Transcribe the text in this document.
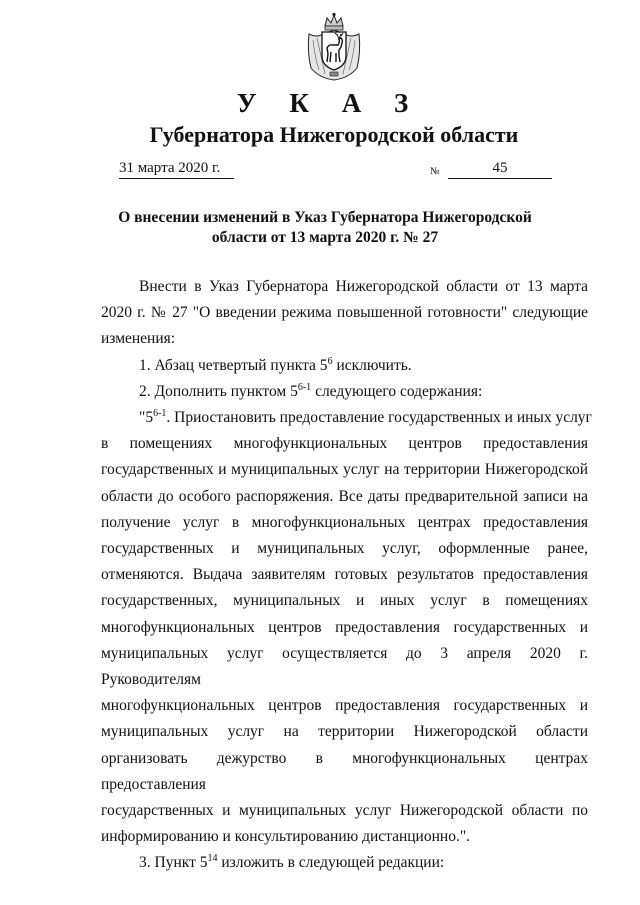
У К А З
Губернатора Нижегородской области
31 марта 2020 г.	№	45
О внесении изменений в Указ Губернатора Нижегородской
области от 13 марта 2020 г. № 27

Внести в Указ Губернатора Нижегородской области от 13 марта

2020 г. № 27 "О введении режима повышенной готовности" следующие

изменения:

1. Абзац четвертый пункта $5^6$ исключить.

2. Дополнить пунктом 5$^{6-1}$ следующего содержания:

"5$^{6-1}$. Приостановить предоставление государственных и иных услуг

в помещениях многофункциональных центров предоставления

государственных и муниципальных услуг на территории Нижегородской

области до особого распоряжения. Все даты предварительной записи на

получение услуг в многофункциональных центрах предоставления

государственных и муниципальных услуг, оформленные ранее,

отменяются. Выдача заявителям готовых результатов предоставления

государственных, муниципальных и иных услуг в помещениях

многофункциональных центров предоставления государственных и

муниципальных услуг осуществляется до 3 апреля 2020 г. Руководителям

многофункциональных центров предоставления государственных и

муниципальных услуг на территории Нижегородской области

организовать дежурство в многофункциональных центрах предоставления

государственных и муниципальных услуг Нижегородской области по

информированию и консультированию дистанционно.".

3. Пункт $5^{14}$ изложить в следующей редакции:
